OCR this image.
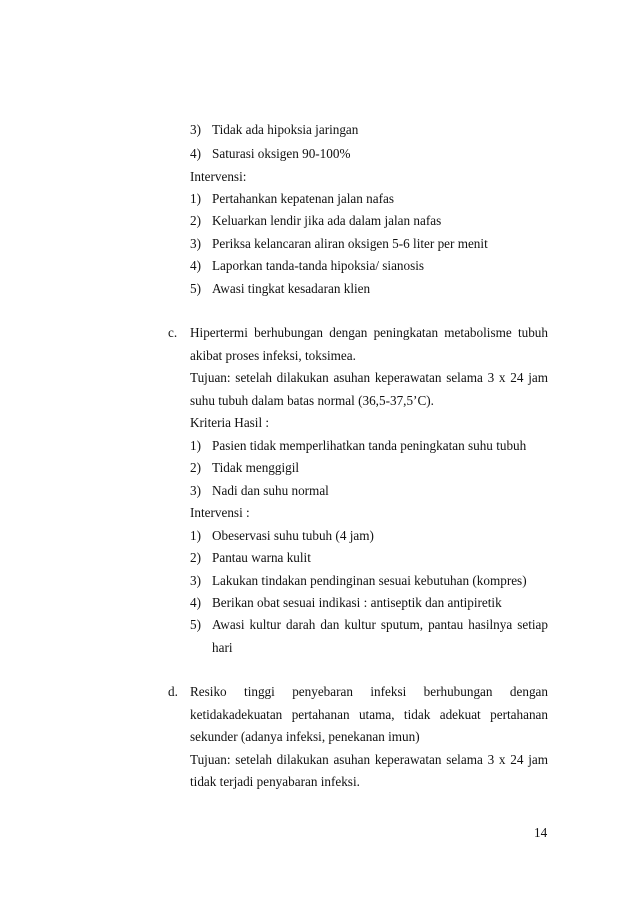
3) Tidak ada hipoksia jaringan
4) Saturasi oksigen 90-100%
Intervensi:
1) Pertahankan kepatenan jalan nafas
2) Keluarkan lendir jika ada dalam jalan nafas
3) Periksa kelancaran aliran oksigen 5-6 liter per menit
4) Laporkan tanda-tanda hipoksia/ sianosis
5) Awasi tingkat kesadaran klien
c. Hipertermi berhubungan dengan peningkatan metabolisme tubuh
akibat proses infeksi, toksimea.
Tujuan: setelah dilakukan asuhan keperawatan selama 3 x 24 jam
suhu tubuh dalam batas normal (36,5-37,5’C).
Kriteria Hasil :
1) Pasien tidak memperlihatkan tanda peningkatan suhu tubuh
2) Tidak menggigil
3) Nadi dan suhu normal
Intervensi :
1) Obeservasi suhu tubuh (4 jam)
2) Pantau warna kulit
3) Lakukan tindakan pendinginan sesuai kebutuhan (kompres)
4) Berikan obat sesuai indikasi : antiseptik dan antipiretik
5) Awasi kultur darah dan kultur sputum, pantau hasilnya setiap
hari
d. Resiko tinggi penyebaran infeksi berhubungan dengan
ketidakadekuatan pertahanan utama, tidak adekuat pertahanan
sekunder (adanya infeksi, penekanan imun)
Tujuan: setelah dilakukan asuhan keperawatan selama 3 x 24 jam
tidak terjadi penyabaran infeksi.
14
